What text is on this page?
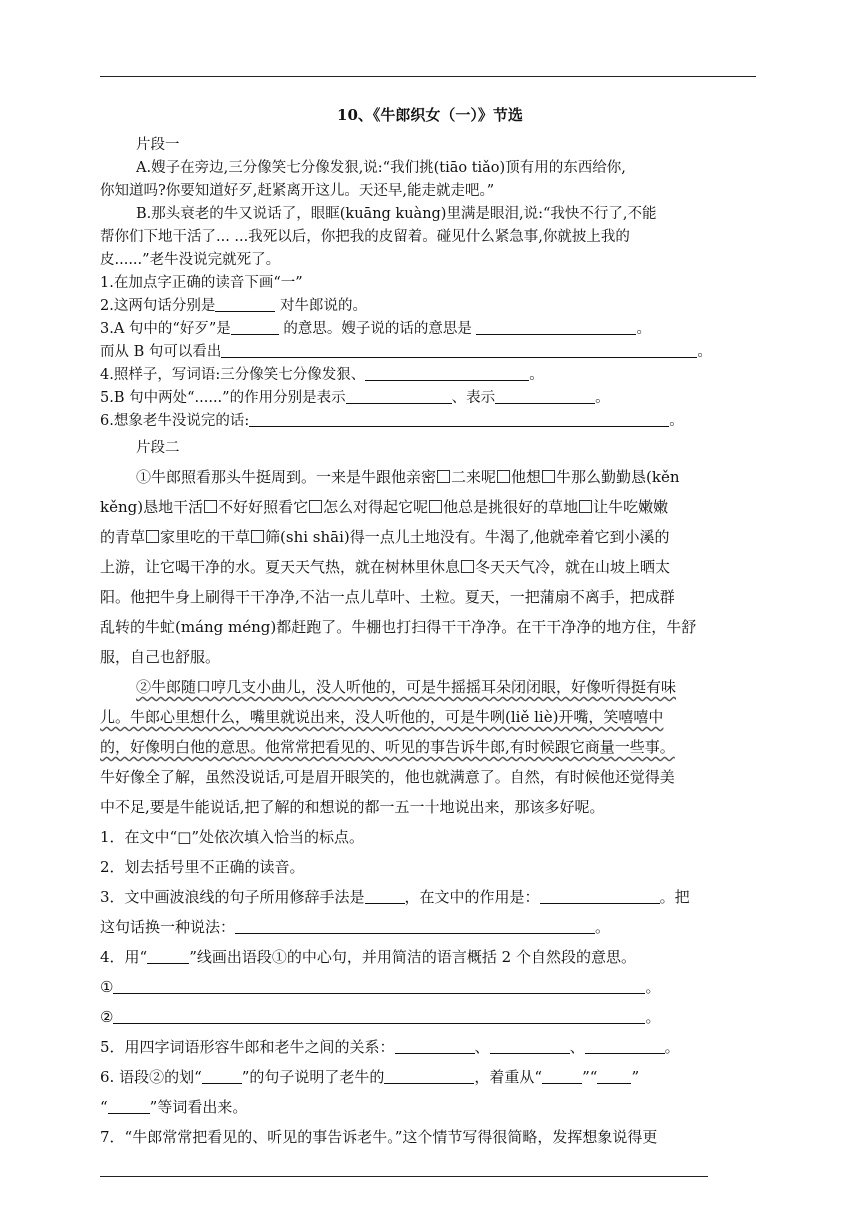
10、《牛郎织女（一）》节选
片段一
A.嫂子在旁边,三分像笑七分像发狠,说:“我们挑(tiāo tiǎo)顶有用的东西给你,
你知道吗?你要知道好歹,赶紧离开这儿。天还早,能走就走吧。”
B.那头衰老的牛又说话了，眼眶(kuāng kuàng)里满是眼泪,说:“我快不行了,不能
帮你们下地干活了... ...我死以后，你把我的皮留着。碰见什么紧急事,你就披上我的
皮......”老牛没说完就死了。
1.在加点字正确的读音下画“一”
2.这两句话分别是	对牛郎说的。
3.A 句中的“好歹”是	的意思。嫂子说的话的意思是	。
而从 B 句可以看出	。
4.照样子，写词语:三分像笑七分像发狠、	。
5.B 句中两处“......”的作用分别是表示	、表示	。
6.想象老牛没说完的话:	。
片段二
①牛郎照看那头牛挺周到。一来是牛跟他亲密 二来呢 他想 牛那么勤勤恳(kěn
kěng)恳地干活 不好好照看它 怎么对得起它呢 他总是挑很好的草地 让牛吃嫩嫩
的青草 家里吃的干草 筛(shi shāi)得一点儿土地没有。牛渴了,他就牵着它到小溪的
上游，让它喝干净的水。夏天天气热，就在树林里休息 冬天天气冷，就在山坡上晒太
阳。他把牛身上刷得干干净净,不沾一点儿草叶、土粒。夏天，一把蒲扇不离手，把成群
乱转的牛虻(máng méng)都赶跑了。牛棚也打扫得干干净净。在干干净净的地方住，牛舒
服，自己也舒服。
②牛郎随口哼几支小曲儿，没人听他的，可是牛摇摇耳朵闭闭眼，好像听得挺有味
儿。牛郎心里想什么，嘴里就说出来，没人听他的，可是牛咧(liě liè)开嘴，笑嘻嘻中
的，好像明白他的意思。他常常把看见的、听见的事告诉牛郎,有时候跟它商量一些事。
牛好像全了解，虽然没说话,可是眉开眼笑的，他也就满意了。自然，有时候他还觉得美
中不足,要是牛能说话,把了解的和想说的都一五一十地说出来，那该多好呢。
1．在文中“□”处依次填入恰当的标点。
2．划去括号里不正确的读音。
3．文中画波浪线的句子所用修辞手法是	，在文中的作用是：	。把
这句话换一种说法：	。
4．用“	”线画出语段①的中心句，并用简洁的语言概括 2 个自然段的意思。
①	。
②	。
5．用四字词语形容牛郎和老牛之间的关系：	、	、	。
6. 语段②的划“	”的句子说明了老牛的	，着重从“	”“ ”
“	”等词看出来。
7．“牛郎常常把看见的、听见的事告诉老牛。”这个情节写得很简略，发挥想象说得更
